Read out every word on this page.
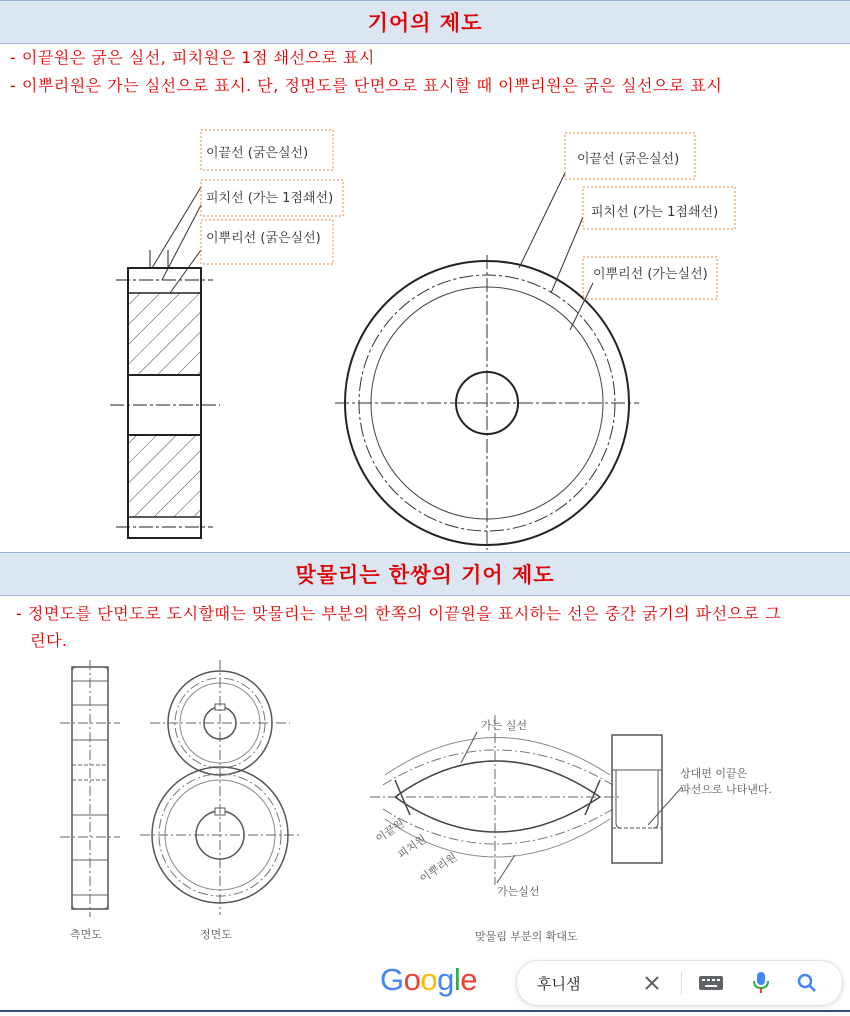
기어의 제도
- 이끝원은 굵은 실선, 피치원은 1점 쇄선으로 표시
- 이뿌리원은 가는 실선으로 표시. 단, 정면도를 단면으로 표시할 때 이뿌리원은 굵은 실선으로 표시
이끝선 (굵은실선)
피치선 (가는 1점쇄선)
이뿌리선 (굵은실선)
이끝선 (굵은실선)
피치선 (가는 1점쇄선)
이뿌리선 (가는실선)
맞물리는 한쌍의 기어 제도
- 정면도를 단면도로 도시할때는 맞물리는 부분의 한쪽의 이끝원을 표시하는 선은 중간 굵기의 파선으로 그린다.
측면도	정면도
가는 실선
가는실선
이끝원
피치원
이뿌리원
맞물림 부분의 확대도
상대편 이끝은
파선으로 나타낸다.
Google	후니샘
